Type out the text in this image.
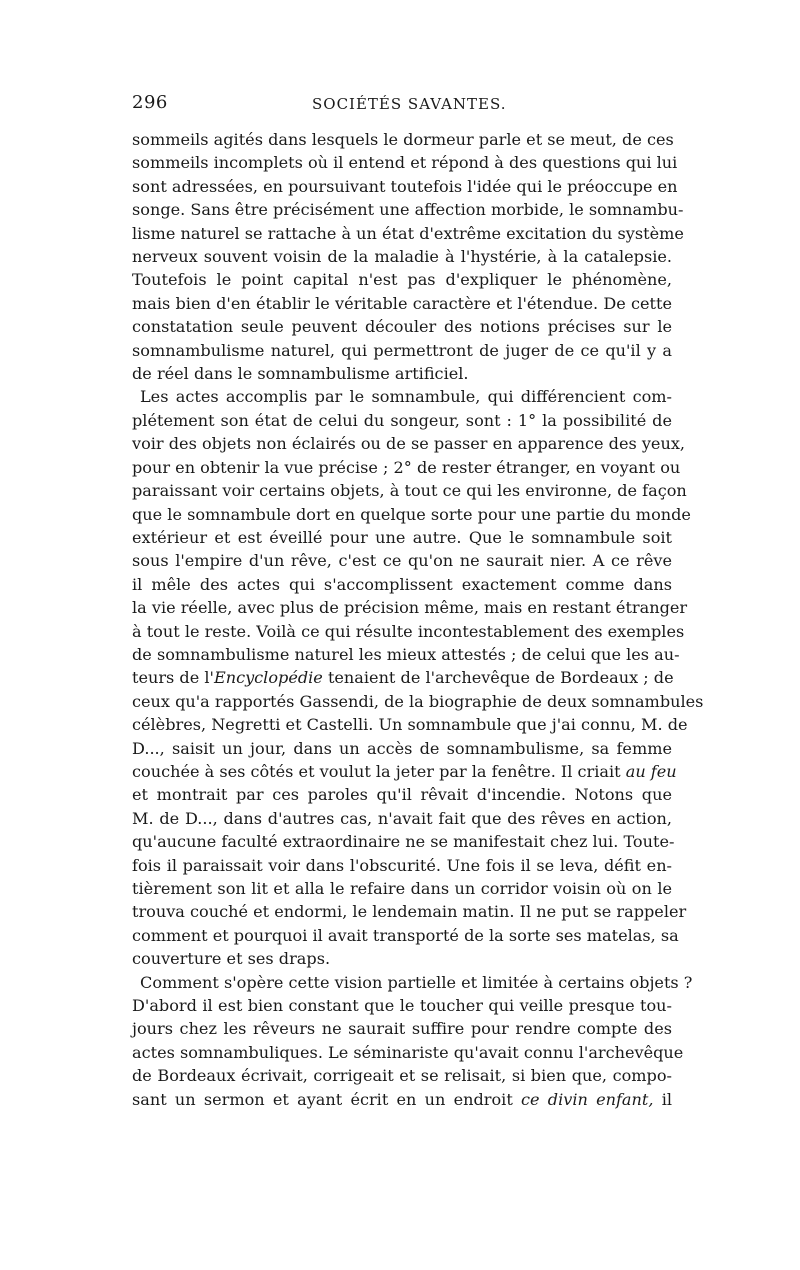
296	SOCIÉTÉS SAVANTES.
sommeils agités dans lesquels le dormeur parle et se meut, de ces
sommeils incomplets où il entend et répond à des questions qui lui
sont adressées, en poursuivant toutefois l'idée qui le préoccupe en
songe. Sans être précisément une affection morbide, le somnambu-
lisme naturel se rattache à un état d'extrême excitation du système
nerveux souvent voisin de la maladie à l'hystérie, à la catalepsie.
Toutefois le point capital n'est pas d'expliquer le phénomène,
mais bien d'en établir le véritable caractère et l'étendue. De cette
constatation seule peuvent découler des notions précises sur le
somnambulisme naturel, qui permettront de juger de ce qu'il y a
de réel dans le somnambulisme artificiel.
Les actes accomplis par le somnambule, qui différencient com-
plétement son état de celui du songeur, sont : 1° la possibilité de
voir des objets non éclairés ou de se passer en apparence des yeux,
pour en obtenir la vue précise ; 2° de rester étranger, en voyant ou
paraissant voir certains objets, à tout ce qui les environne, de façon
que le somnambule dort en quelque sorte pour une partie du monde
extérieur et est éveillé pour une autre. Que le somnambule soit
sous l'empire d'un rêve, c'est ce qu'on ne saurait nier. A ce rêve
il mêle des actes qui s'accomplissent exactement comme dans
la vie réelle, avec plus de précision même, mais en restant étranger
à tout le reste. Voilà ce qui résulte incontestablement des exemples
de somnambulisme naturel les mieux attestés ; de celui que les au-
teurs de l'Encyclopédie tenaient de l'archevêque de Bordeaux ; de
ceux qu'a rapportés Gassendi, de la biographie de deux somnambules
célèbres, Negretti et Castelli. Un somnambule que j'ai connu, M. de
D..., saisit un jour, dans un accès de somnambulisme, sa femme
couchée à ses côtés et voulut la jeter par la fenêtre. Il criait au feu
et montrait par ces paroles qu'il rêvait d'incendie. Notons que
M. de D..., dans d'autres cas, n'avait fait que des rêves en action,
qu'aucune faculté extraordinaire ne se manifestait chez lui. Toute-
fois il paraissait voir dans l'obscurité. Une fois il se leva, défit en-
tièrement son lit et alla le refaire dans un corridor voisin où on le
trouva couché et endormi, le lendemain matin. Il ne put se rappeler
comment et pourquoi il avait transporté de la sorte ses matelas, sa
couverture et ses draps.
Comment s'opère cette vision partielle et limitée à certains objets ?
D'abord il est bien constant que le toucher qui veille presque tou-
jours chez les rêveurs ne saurait suffire pour rendre compte des
actes somnambuliques. Le séminariste qu'avait connu l'archevêque
de Bordeaux écrivait, corrigeait et se relisait, si bien que, compo-
sant un sermon et ayant écrit en un endroit ce divin enfant, il
